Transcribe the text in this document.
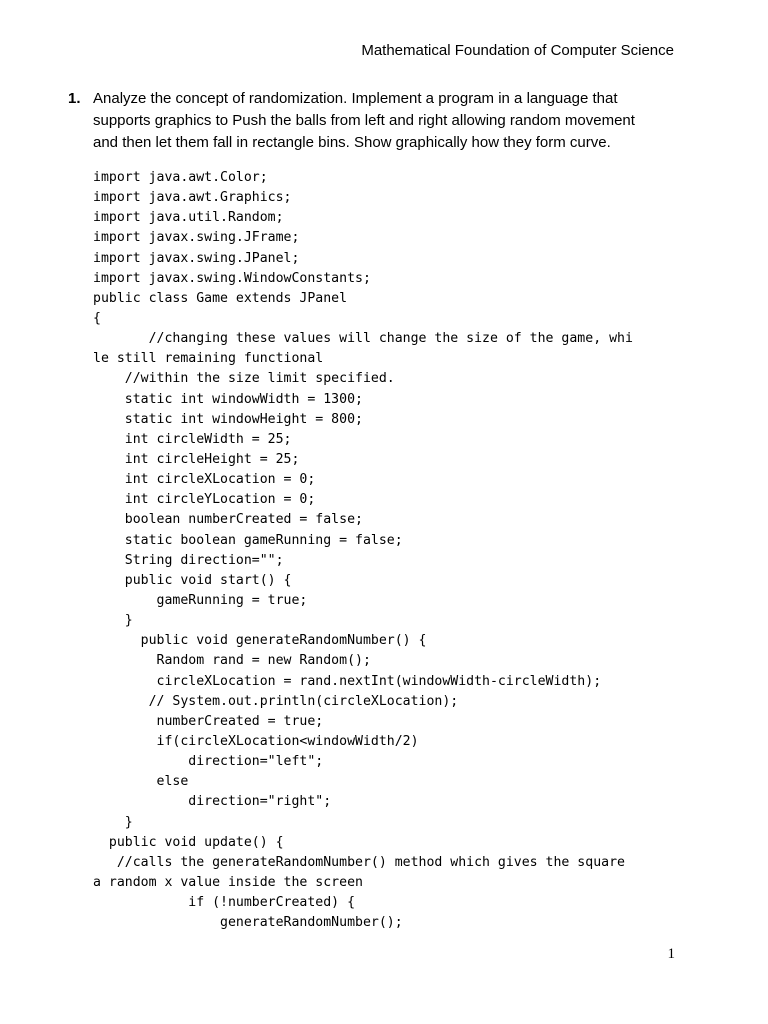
Mathematical Foundation of Computer Science
1. Analyze the concept of randomization. Implement a program in a language that
supports graphics to Push the balls from left and right allowing random movement
and then let them fall in rectangle bins. Show graphically how they form curve.
import java.awt.Color;
import java.awt.Graphics;
import java.util.Random;
import javax.swing.JFrame;
import javax.swing.JPanel;
import javax.swing.WindowConstants;
public class Game extends JPanel
{
//changing these values will change the size of the game, whi
le still remaining functional
//within the size limit specified.
static int windowWidth = 1300;
static int windowHeight = 800;
int circleWidth = 25;
int circleHeight = 25;
int circleXLocation = 0;
int circleYLocation = 0;
boolean numberCreated = false;
static boolean gameRunning = false;
String direction="";
public void start() {
gameRunning = true;
}
public void generateRandomNumber() {
Random rand = new Random();
circleXLocation = rand.nextInt(windowWidth-circleWidth);
// System.out.println(circleXLocation);
numberCreated = true;
if(circleXLocation<windowWidth/2)
direction="left";
else
direction="right";
}
public void update() {
//calls the generateRandomNumber() method which gives the square
a random x value inside the screen
if (!numberCreated) {
generateRandomNumber();
1
